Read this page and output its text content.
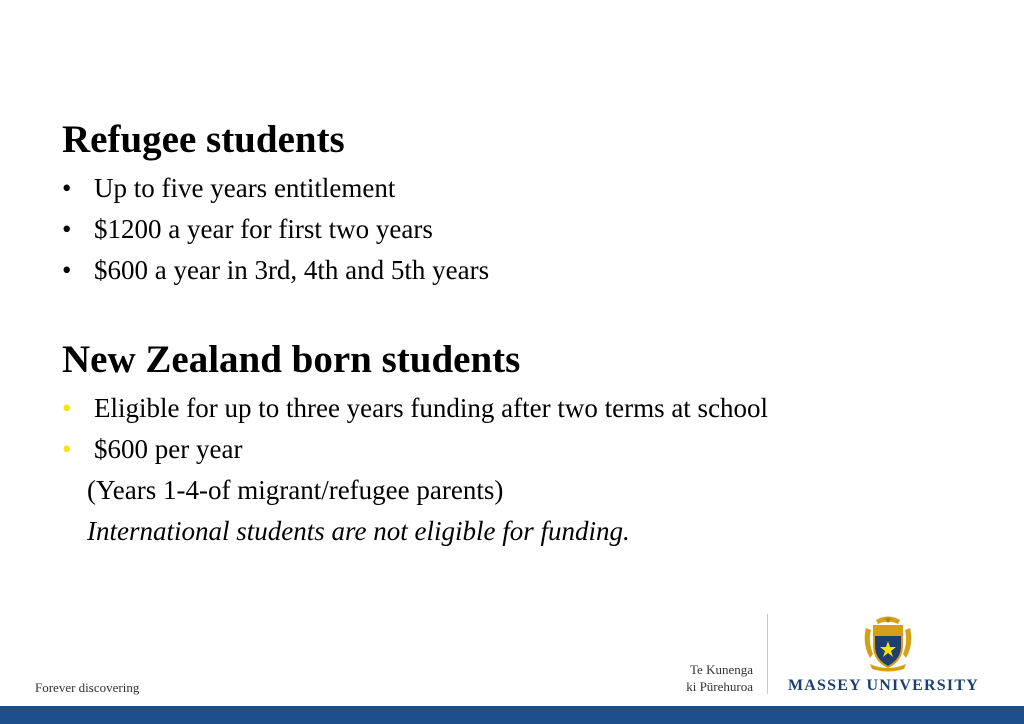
Refugee students
• Up to five years entitlement
• $1200 a year for first two years
• $600 a year in 3rd, 4th and 5th years
New Zealand born students
• Eligible for up to three years funding after two terms at school
• $600 per year
(Years 1-4-of migrant/refugee parents)
International students are not eligible for funding.
Forever discovering
Te Kunenga
ki Pūrehuroa MASSEY UNIVERSITY
